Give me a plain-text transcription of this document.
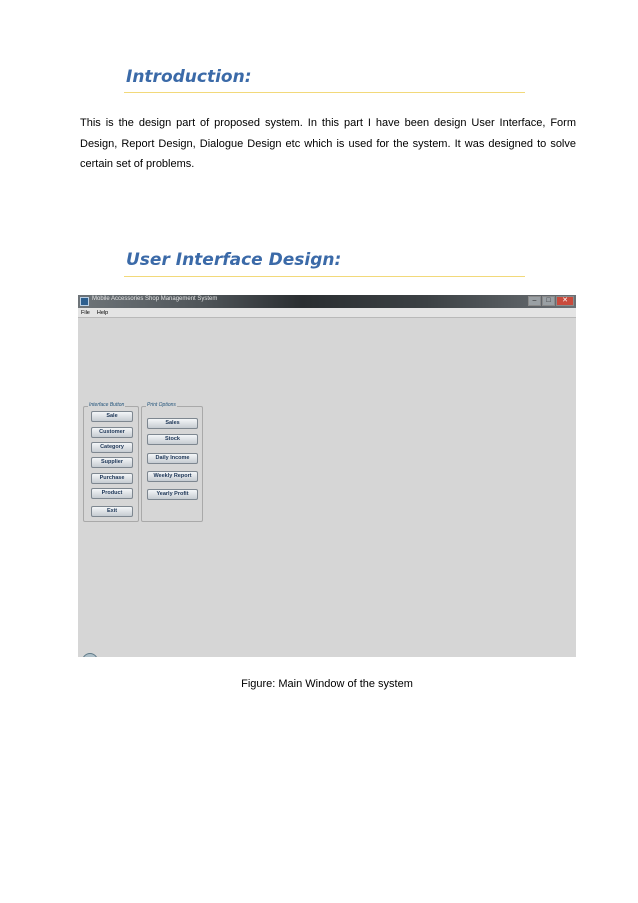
Introduction:

This is the design part of proposed system. In this part I have been design User Interface, Form Design, Report Design, Dialogue Design etc which is used for the system. It was designed to solve certain set of problems.

User Interface Design:
Mobile Accessories Shop Management System	–	□	✕
File Help
Interface Button
Sale
Customer
Category
Supplier
Purchase
Product
Exit
Print Options
Sales
Stock
Daily Income
Weekly Report
Yearly Profit
Figure: Main Window of the system
